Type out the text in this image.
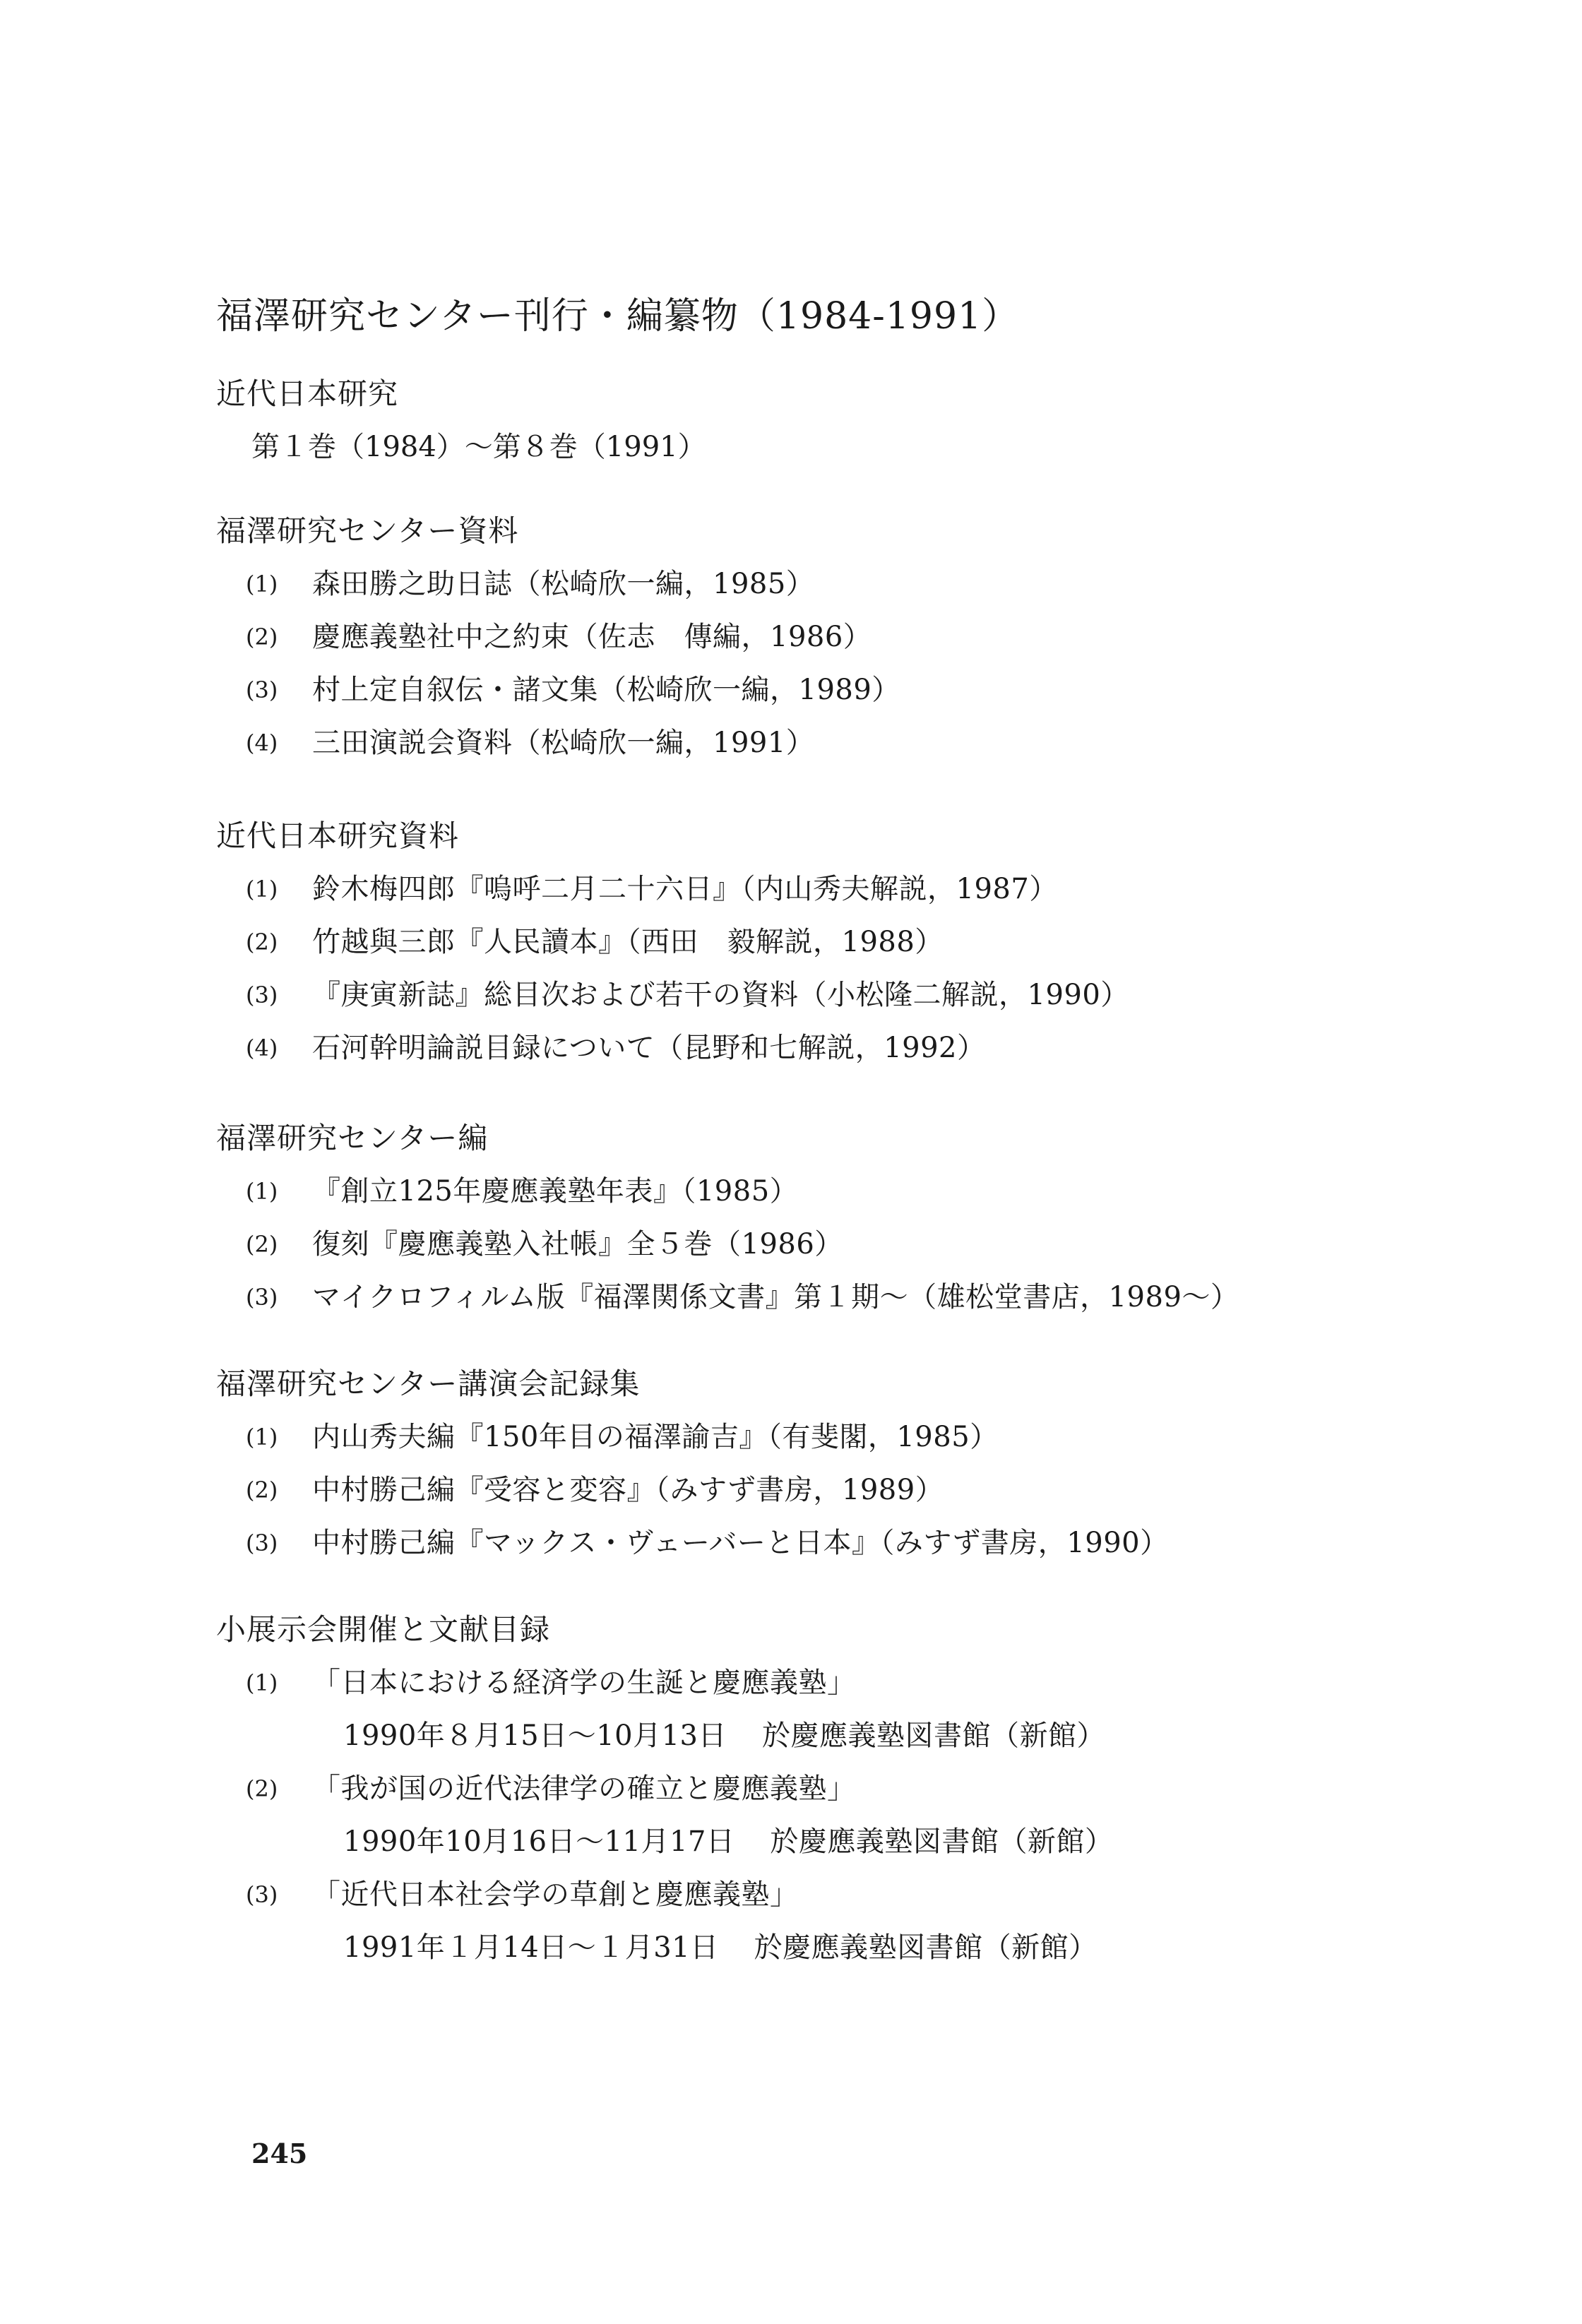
福澤研究センター刊行・編纂物（1984-1991）
近代日本研究
第１巻（1984）～第８巻（1991）
福澤研究センター資料
(1)	森田勝之助日誌（松崎欣一編，1985）
(2)	慶應義塾社中之約束（佐志　傳編，1986）
(3)	村上定自叙伝・諸文集（松崎欣一編，1989）
(4)	三田演説会資料（松崎欣一編，1991）
近代日本研究資料
(1)	鈴木梅四郎『嗚呼二月二十六日』（内山秀夫解説，1987）
(2)	竹越與三郎『人民讀本』（西田　毅解説，1988）
(3)	『庚寅新誌』総目次および若干の資料（小松隆二解説，1990）
(4)	石河幹明論説目録について（昆野和七解説，1992）
福澤研究センター編
(1)	『創立125年慶應義塾年表』（1985）
(2)	復刻『慶應義塾入社帳』全５巻（1986）
(3)	マイクロフィルム版『福澤関係文書』第１期～（雄松堂書店，1989～）
福澤研究センター講演会記録集
(1)	内山秀夫編『150年目の福澤諭吉』（有斐閣，1985）
(2)	中村勝己編『受容と変容』（みすず書房，1989）
(3)	中村勝己編『マックス・ヴェーバーと日本』（みすず書房，1990）
小展示会開催と文献目録
(1)	「日本における経済学の生誕と慶應義塾」
1990年８月15日～10月13日 於慶應義塾図書館（新館）
(2)	「我が国の近代法律学の確立と慶應義塾」
1990年10月16日～11月17日 於慶應義塾図書館（新館）
(3)	「近代日本社会学の草創と慶應義塾」
1991年１月14日～１月31日 於慶應義塾図書館（新館）
245
